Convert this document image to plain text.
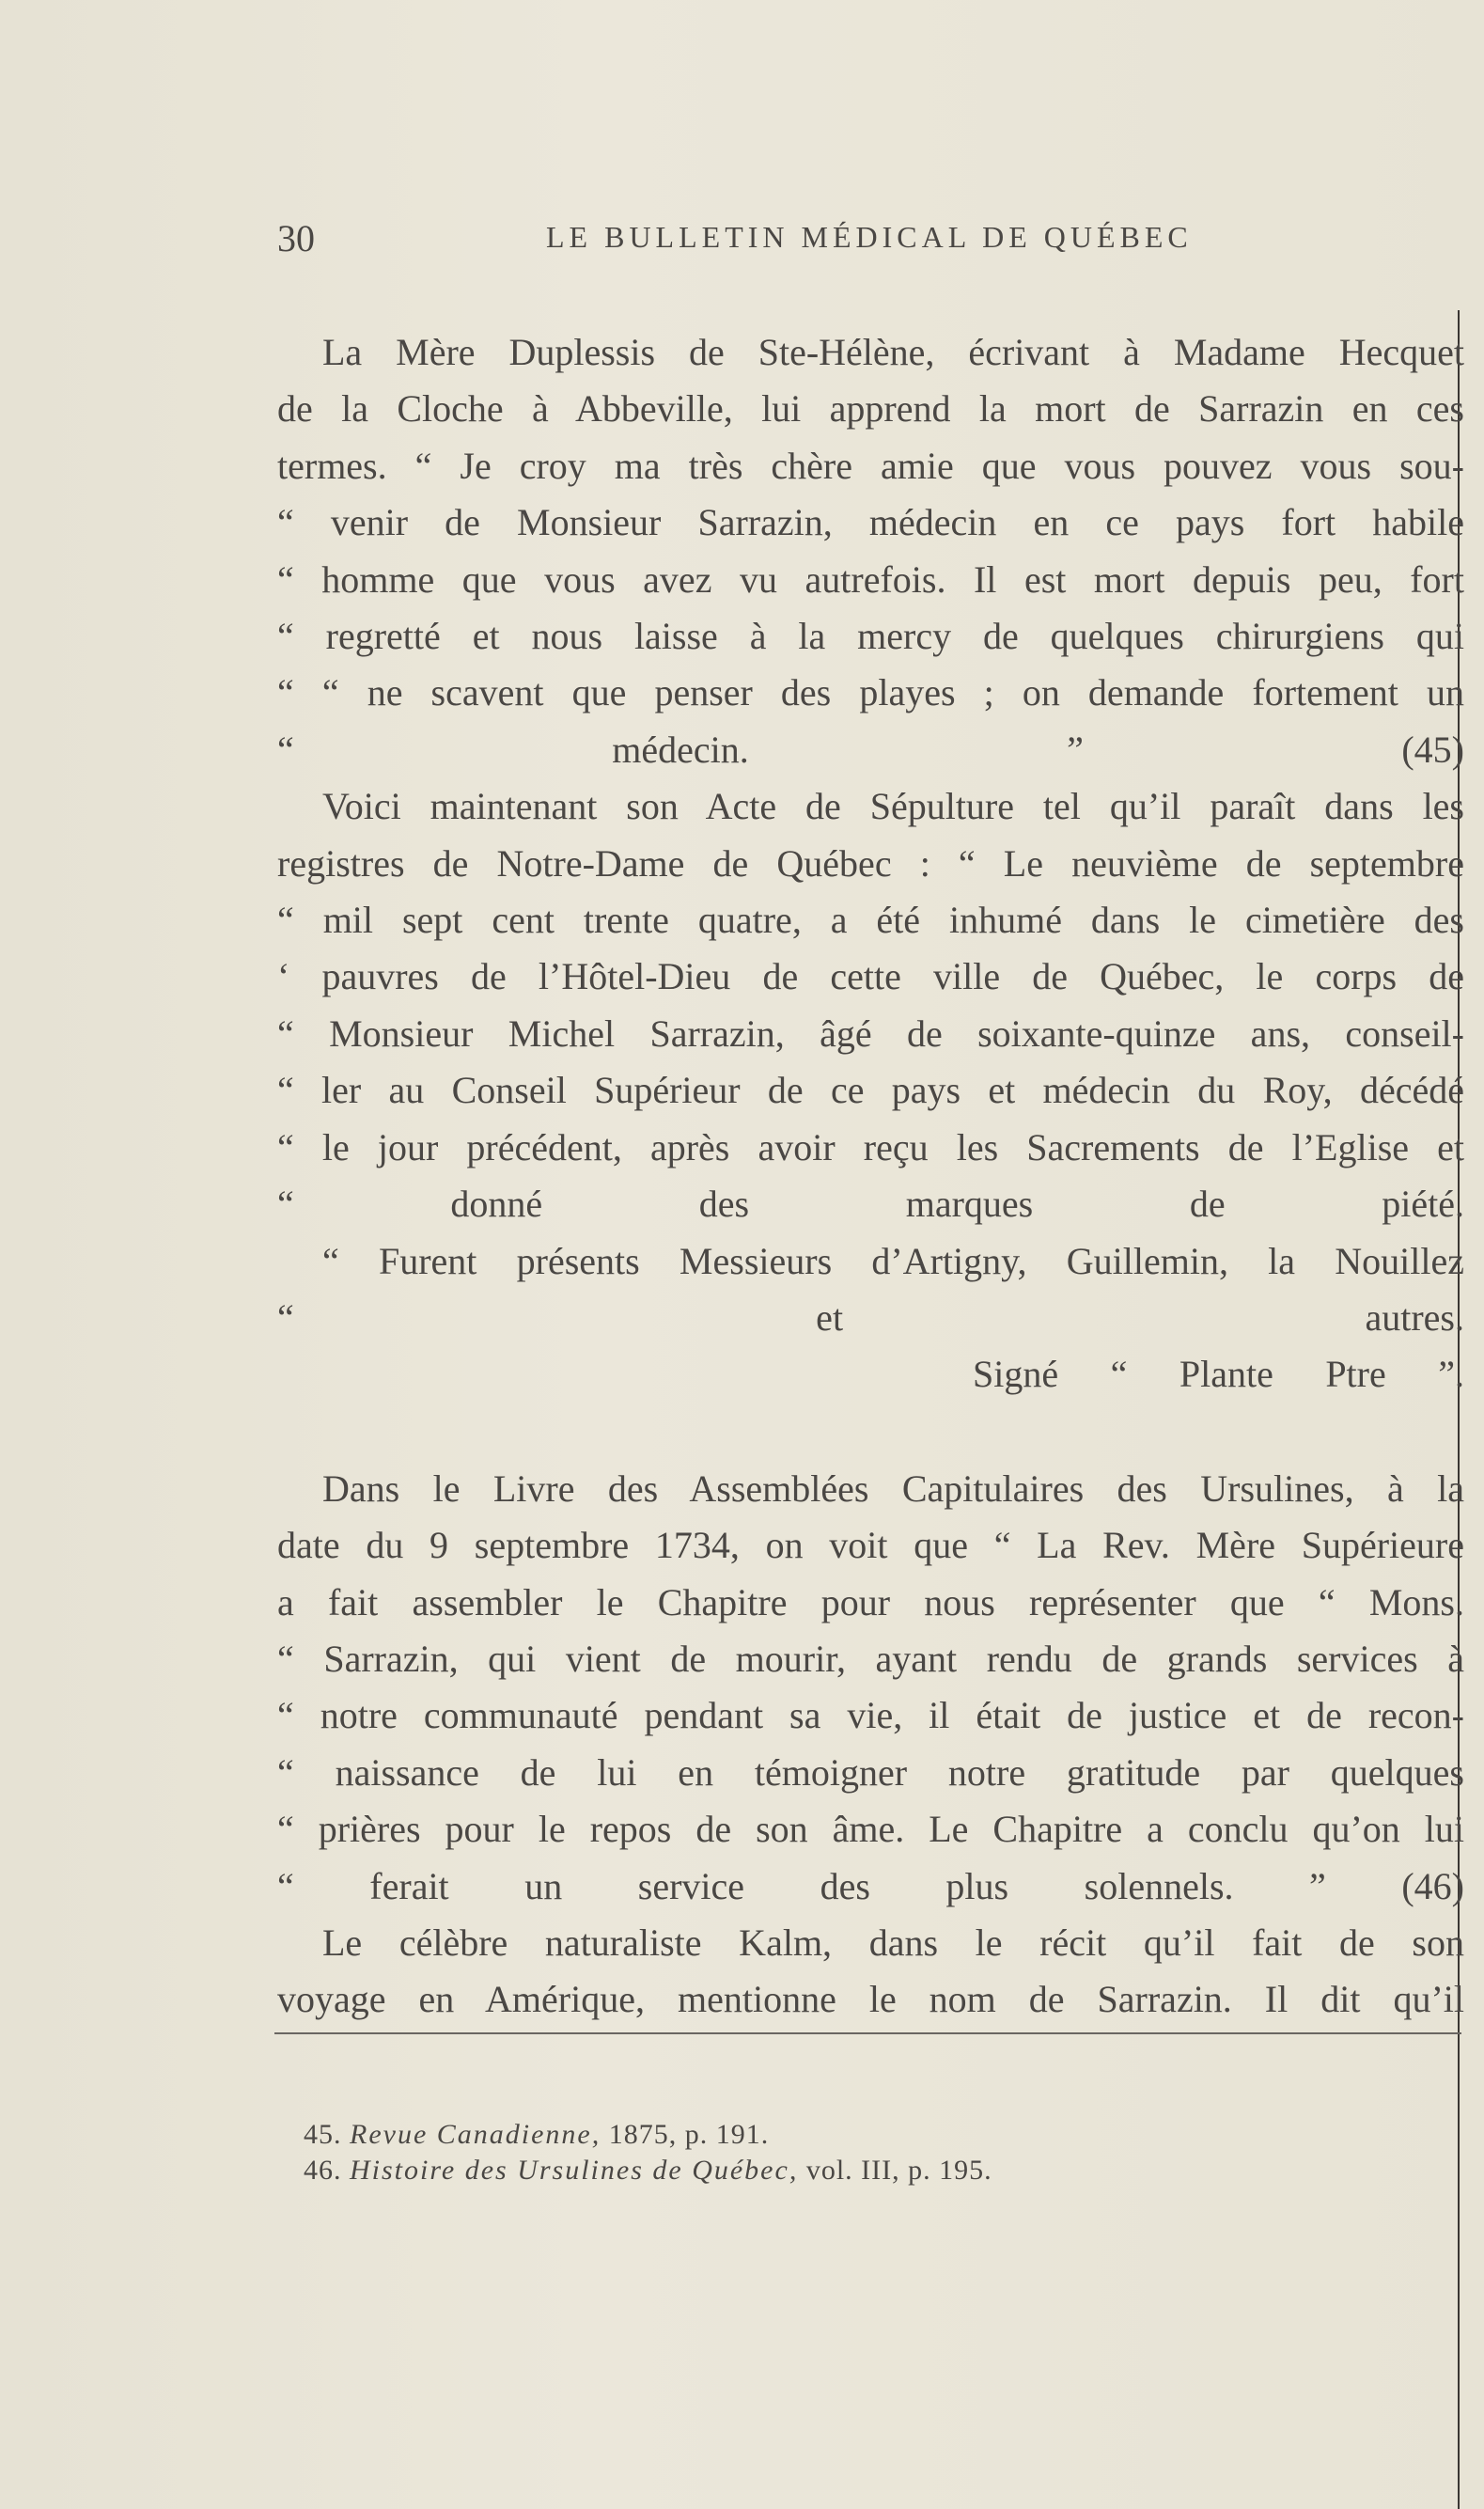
30	LE BULLETIN MÉDICAL DE QUÉBEC

La Mère Duplessis de Ste-Hélène, écrivant à Madame Hecquet
de la Cloche à Abbeville, lui apprend la mort de Sarrazin en ces
termes. “ Je croy ma très chère amie que vous pouvez vous sou-
“ venir de Monsieur Sarrazin, médecin en ce pays fort habile
“ homme que vous avez vu autrefois. Il est mort depuis peu, fort
“ regretté et nous laisse à la mercy de quelques chirurgiens qui
“ “ ne scavent que penser des playes ; on demande fortement un
“ médecin. ” (45)

Voici maintenant son Acte de Sépulture tel qu’il paraît dans les
registres de Notre-Dame de Québec : “ Le neuvième de septembre
“ mil sept cent trente quatre, a été inhumé dans le cimetière des
‘ pauvres de l’Hôtel-Dieu de cette ville de Québec, le corps de
“ Monsieur Michel Sarrazin, âgé de soixante-quinze ans, conseil-
“ ler au Conseil Supérieur de ce pays et médecin du Roy, décédé
“ le jour précédent, après avoir reçu les Sacrements de l’Eglise et
“ donné des marques de piété.

“ Furent présents Messieurs d’Artigny, Guillemin, la Nouillez
“ et autres.

Signé “ Plante Ptre ”.

Dans le Livre des Assemblées Capitulaires des Ursulines, à la
date du 9 septembre 1734, on voit que “ La Rev. Mère Supérieure
a fait assembler le Chapitre pour nous représenter que “ Mons.
“ Sarrazin, qui vient de mourir, ayant rendu de grands services à
“ notre communauté pendant sa vie, il était de justice et de recon-
“ naissance de lui en témoigner notre gratitude par quelques
“ prières pour le repos de son âme. Le Chapitre a conclu qu’on lui
“ ferait un service des plus solennels. ” (46)

Le célèbre naturaliste Kalm, dans le récit qu’il fait de son
voyage en Amérique, mentionne le nom de Sarrazin. Il dit qu’il

45. Revue Canadienne, 1875, p. 191.
46. Histoire des Ursulines de Québec, vol. III, p. 195.
